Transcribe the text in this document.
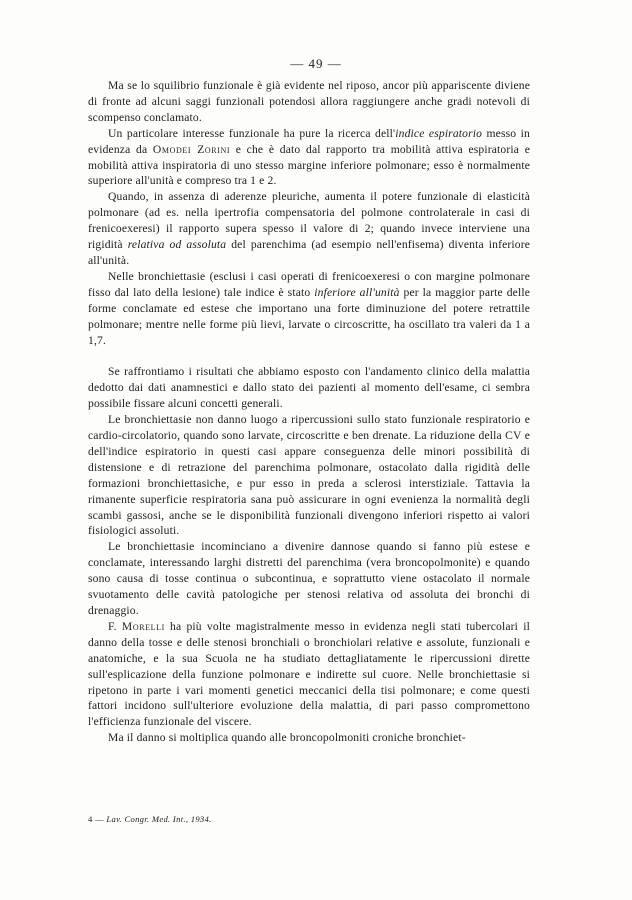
— 49 —

Ma se lo squilibrio funzionale è già evidente nel riposo, ancor più appariscente diviene di fronte ad alcuni saggi funzionali potendosi allora raggiungere anche gradi notevoli di scompenso conclamato.

Un particolare interesse funzionale ha pure la ricerca dell'indice espiratorio messo in evidenza da Omodei Zorini e che è dato dal rapporto tra mobilità attiva espiratoria e mobilità attiva inspiratoria di uno stesso margine inferiore polmonare; esso è normalmente superiore all'unità e compreso tra 1 e 2.

Quando, in assenza di aderenze pleuriche, aumenta il potere funzionale di elasticità polmonare (ad es. nella ipertrofia compensatoria del polmone controlaterale in casi di frenicoexeresi) il rapporto supera spesso il valore di 2; quando invece interviene una rigidità relativa od assoluta del parenchima (ad esempio nell'enfisema) diventa inferiore all'unità.

Nelle bronchiettasie (esclusi i casi operati di frenicoexeresi o con margine polmonare fisso dal lato della lesione) tale indice è stato inferiore all'unità per la maggior parte delle forme conclamate ed estese che importano una forte diminuzione del potere retrattile polmonare; mentre nelle forme più lievi, larvate o circoscritte, ha oscillato tra valeri da 1 a 1,7.

Se raffrontiamo i risultati che abbiamo esposto con l'andamento clinico della malattia dedotto dai dati anamnestici e dallo stato dei pazienti al momento dell'esame, ci sembra possibile fissare alcuni concetti generali.

Le bronchiettasie non danno luogo a ripercussioni sullo stato funzionale respiratorio e cardio-circolatorio, quando sono larvate, circoscritte e ben drenate. La riduzione della CV e dell'indice espiratorio in questi casi appare conseguenza delle minori possibilità di distensione e di retrazione del parenchima polmonare, ostacolato dalla rigidità delle formazioni bronchiettasiche, e pur esso in preda a sclerosi interstiziale. Tattavia la rimanente superficie respiratoria sana può assicurare in ogni evenienza la normalità degli scambi gassosi, anche se le disponibilità funzionali divengono inferiori rispetto ai valori fisiologici assoluti.

Le bronchiettasie incominciano a divenire dannose quando si fanno più estese e conclamate, interessando larghi distretti del parenchima (vera broncopolmonite) e quando sono causa di tosse continua o subcontinua, e soprattutto viene ostacolato il normale svuotamento delle cavità patologiche per stenosi relativa od assoluta dei bronchi di drenaggio.

F. Morelli ha più volte magistralmente messo in evidenza negli stati tubercolari il danno della tosse e delle stenosi bronchiali o bronchiolari relative e assolute, funzionali e anatomiche, e la sua Scuola ne ha studiato dettagliatamente le ripercussioni dirette sull'esplicazione della funzione polmonare e indirette sul cuore. Nelle bronchiettasie si ripetono in parte i vari momenti genetici meccanici della tisi polmonare; e come questi fattori incidono sull'ulteriore evoluzione della malattia, di pari passo compromettono l'efficienza funzionale del viscere.

Ma il danno si moltiplica quando alle broncopolmoniti croniche bronchiet-

4 — Lav. Congr. Med. Int., 1934.
